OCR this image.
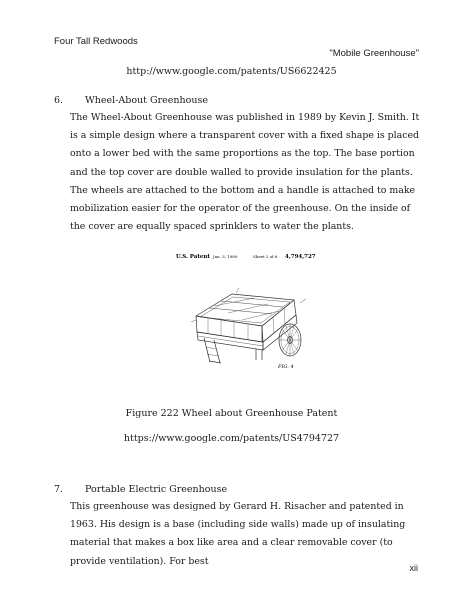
Four Tall Redwoods
"Mobile Greenhouse"
http://www.google.com/patents/US6622425
6. Wheel-About Greenhouse

The Wheel-About Greenhouse was published in 1989 by Kevin J. Smith. It is a simple design where a transparent cover with a fixed shape is placed onto a lower bed with the same proportions as the top. The base portion and the top cover are double walled to provide insulation for the plants. The wheels are attached to the bottom and a handle is attached to make mobilization easier for the operator of the greenhouse. On the inside of the cover are equally spaced sprinklers to water the plants.

U.S. Patent Jan. 3, 1989	Sheet 2 of 6 4,794,727
FIG. 4
Figure 222 Wheel about Greenhouse Patent
https://www.google.com/patents/US4794727
7. Portable Electric Greenhouse

This greenhouse was designed by Gerard H. Risacher and patented in 1963. His design is a base (including side walls) made up of insulating material that makes a box like area and a clear removable cover (to provide ventilation). For best

xii
